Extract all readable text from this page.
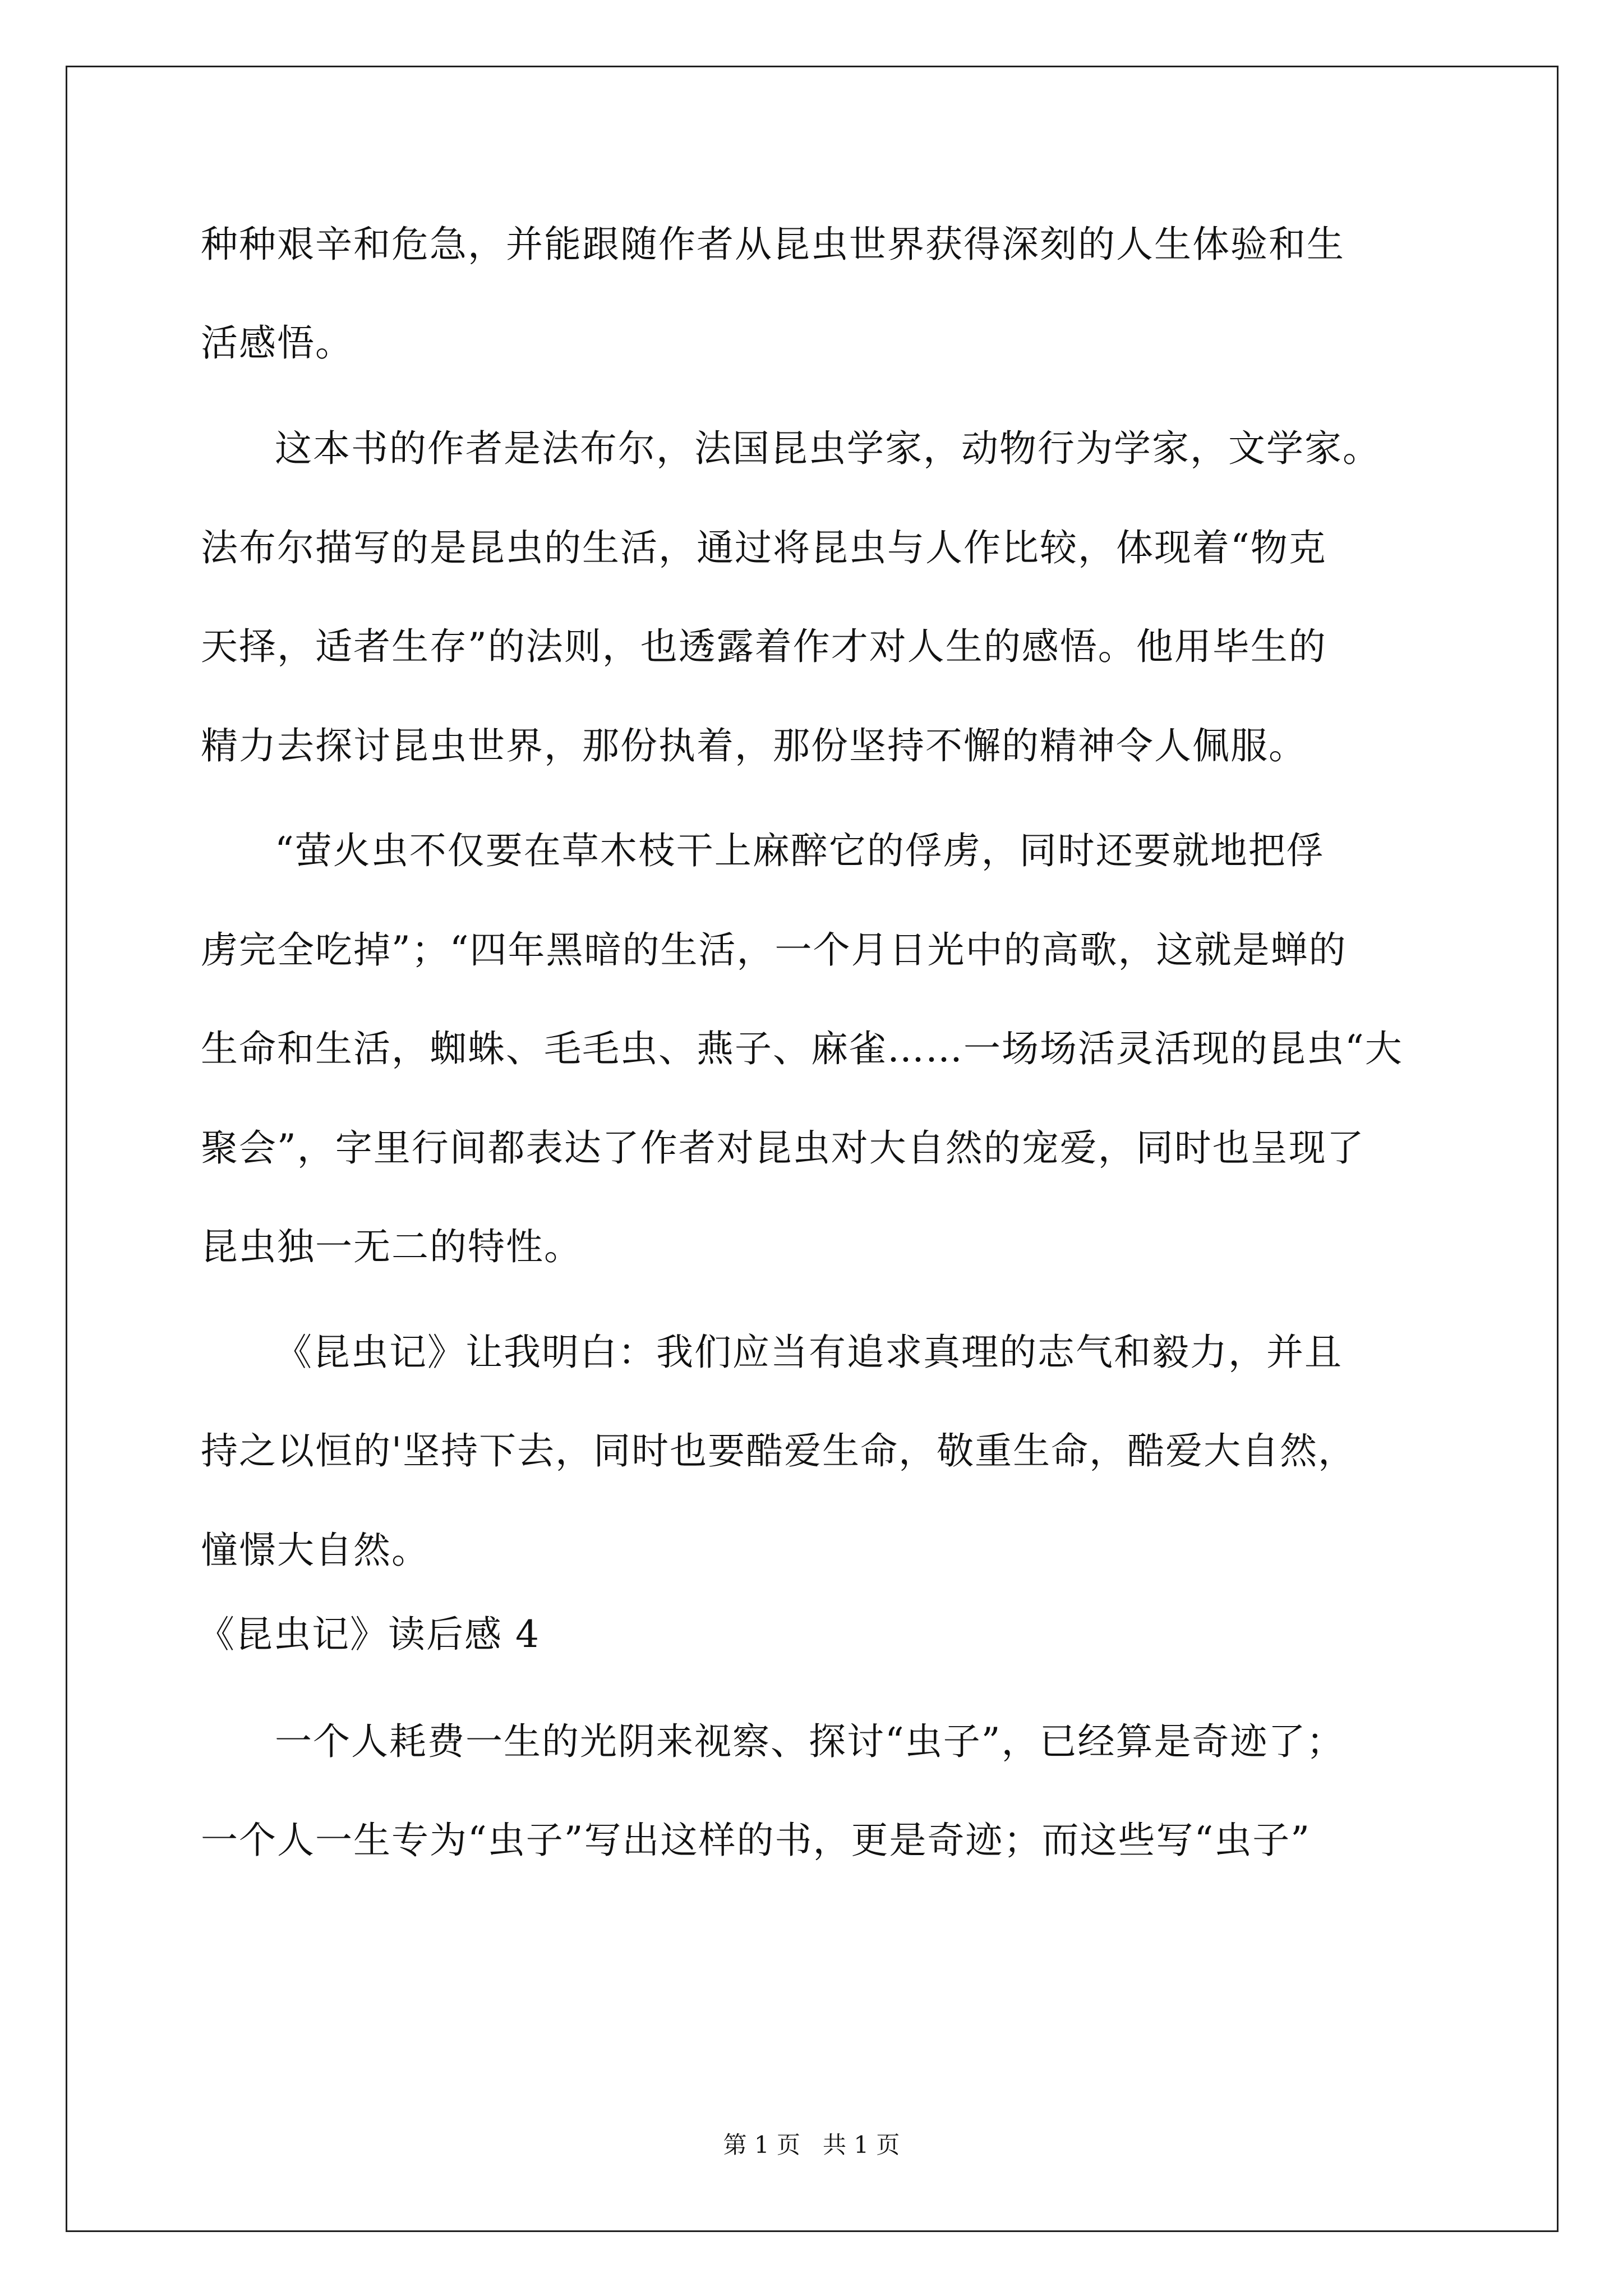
种种艰辛和危急，并能跟随作者从昆虫世界获得深刻的人生体验和生
活感悟。
这本书的作者是法布尔，法国昆虫学家，动物行为学家，文学家。
法布尔描写的是昆虫的生活，通过将昆虫与人作比较，体现着“物克
天择，适者生存”的法则，也透露着作才对人生的感悟。他用毕生的
精力去探讨昆虫世界，那份执着，那份坚持不懈的精神令人佩服。
“萤火虫不仅要在草木枝干上麻醉它的俘虏，同时还要就地把俘
虏完全吃掉”；“四年黑暗的生活，一个月日光中的高歌，这就是蝉的
生命和生活，蜘蛛、毛毛虫、燕子、麻雀……一场场活灵活现的昆虫“大
聚会”，字里行间都表达了作者对昆虫对大自然的宠爱，同时也呈现了
昆虫独一无二的特性。
《昆虫记》让我明白：我们应当有追求真理的志气和毅力，并且
持之以恒的'坚持下去，同时也要酷爱生命，敬重生命，酷爱大自然，
憧憬大自然。
《昆虫记》读后感 4
一个人耗费一生的光阴来视察、探讨“虫子”，已经算是奇迹了；
一个人一生专为“虫子”写出这样的书，更是奇迹；而这些写“虫子”
第 1 页 共 1 页
